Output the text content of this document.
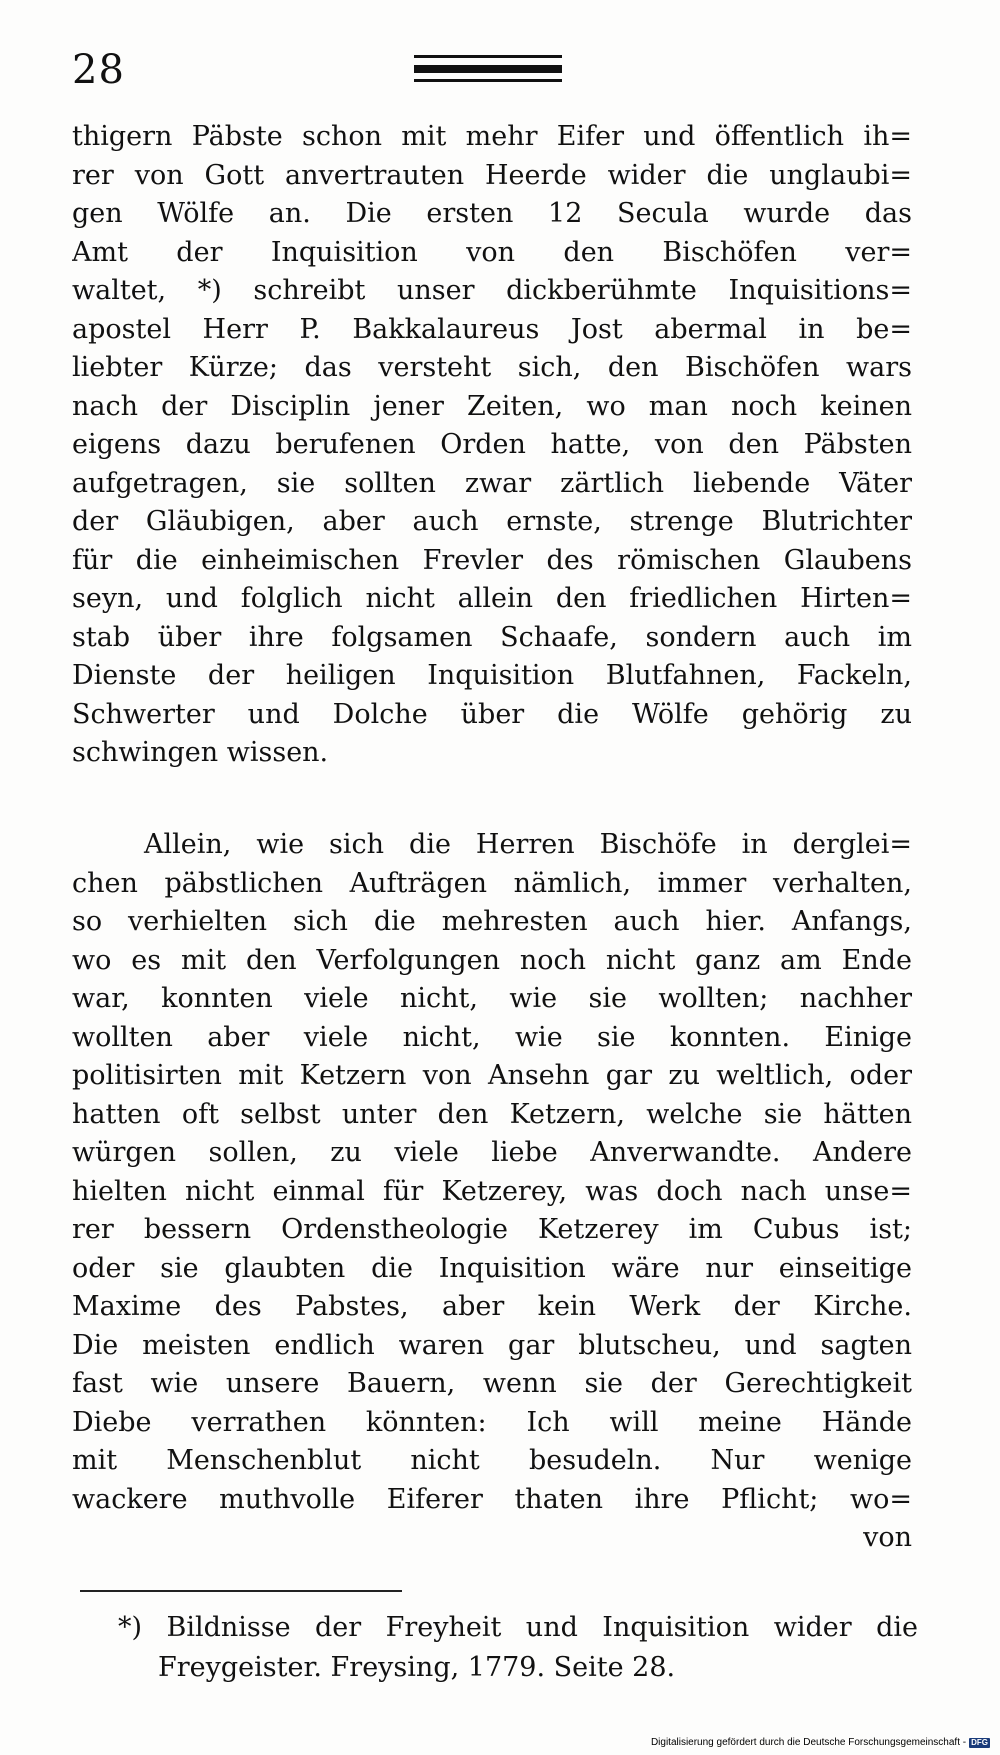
28
thigern Päbste schon mit mehr Eifer und öffentlich ih=
rer von Gott anvertrauten Heerde wider die unglaubi=
gen Wölfe an. Die ersten 12 Secula wurde das
Amt der Inquisition von den Bischöfen ver=
waltet, *) schreibt unser dickberühmte Inquisitions=
apostel Herr P. Bakkalaureus Jost abermal in be=
liebter Kürze; das versteht sich, den Bischöfen wars
nach der Disciplin jener Zeiten, wo man noch keinen
eigens dazu berufenen Orden hatte, von den Päbsten
aufgetragen, sie sollten zwar zärtlich liebende Väter
der Gläubigen, aber auch ernste, strenge Blutrichter
für die einheimischen Frevler des römischen Glaubens
seyn, und folglich nicht allein den friedlichen Hirten=
stab über ihre folgsamen Schaafe, sondern auch im
Dienste der heiligen Inquisition Blutfahnen, Fackeln,
Schwerter und Dolche über die Wölfe gehörig zu
schwingen wissen.
Allein, wie sich die Herren Bischöfe in derglei=
chen päbstlichen Aufträgen nämlich, immer verhalten,
so verhielten sich die mehresten auch hier. Anfangs,
wo es mit den Verfolgungen noch nicht ganz am Ende
war, konnten viele nicht, wie sie wollten; nachher
wollten aber viele nicht, wie sie konnten. Einige
politisirten mit Ketzern von Ansehn gar zu weltlich, oder
hatten oft selbst unter den Ketzern, welche sie hätten
würgen sollen, zu viele liebe Anverwandte. Andere
hielten nicht einmal für Ketzerey, was doch nach unse=
rer bessern Ordenstheologie Ketzerey im Cubus ist;
oder sie glaubten die Inquisition wäre nur einseitige
Maxime des Pabstes, aber kein Werk der Kirche.
Die meisten endlich waren gar blutscheu, und sagten
fast wie unsere Bauern, wenn sie der Gerechtigkeit
Diebe verrathen könnten: Ich will meine Hände
mit Menschenblut nicht besudeln. Nur wenige
wackere muthvolle Eiferer thaten ihre Pflicht; wo=
von
*) Bildnisse der Freyheit und Inquisition wider die
Freygeister. Freysing, 1779. Seite 28.
Digitalisierung gefördert durch die Deutsche Forschungsgemeinschaft - DFG
